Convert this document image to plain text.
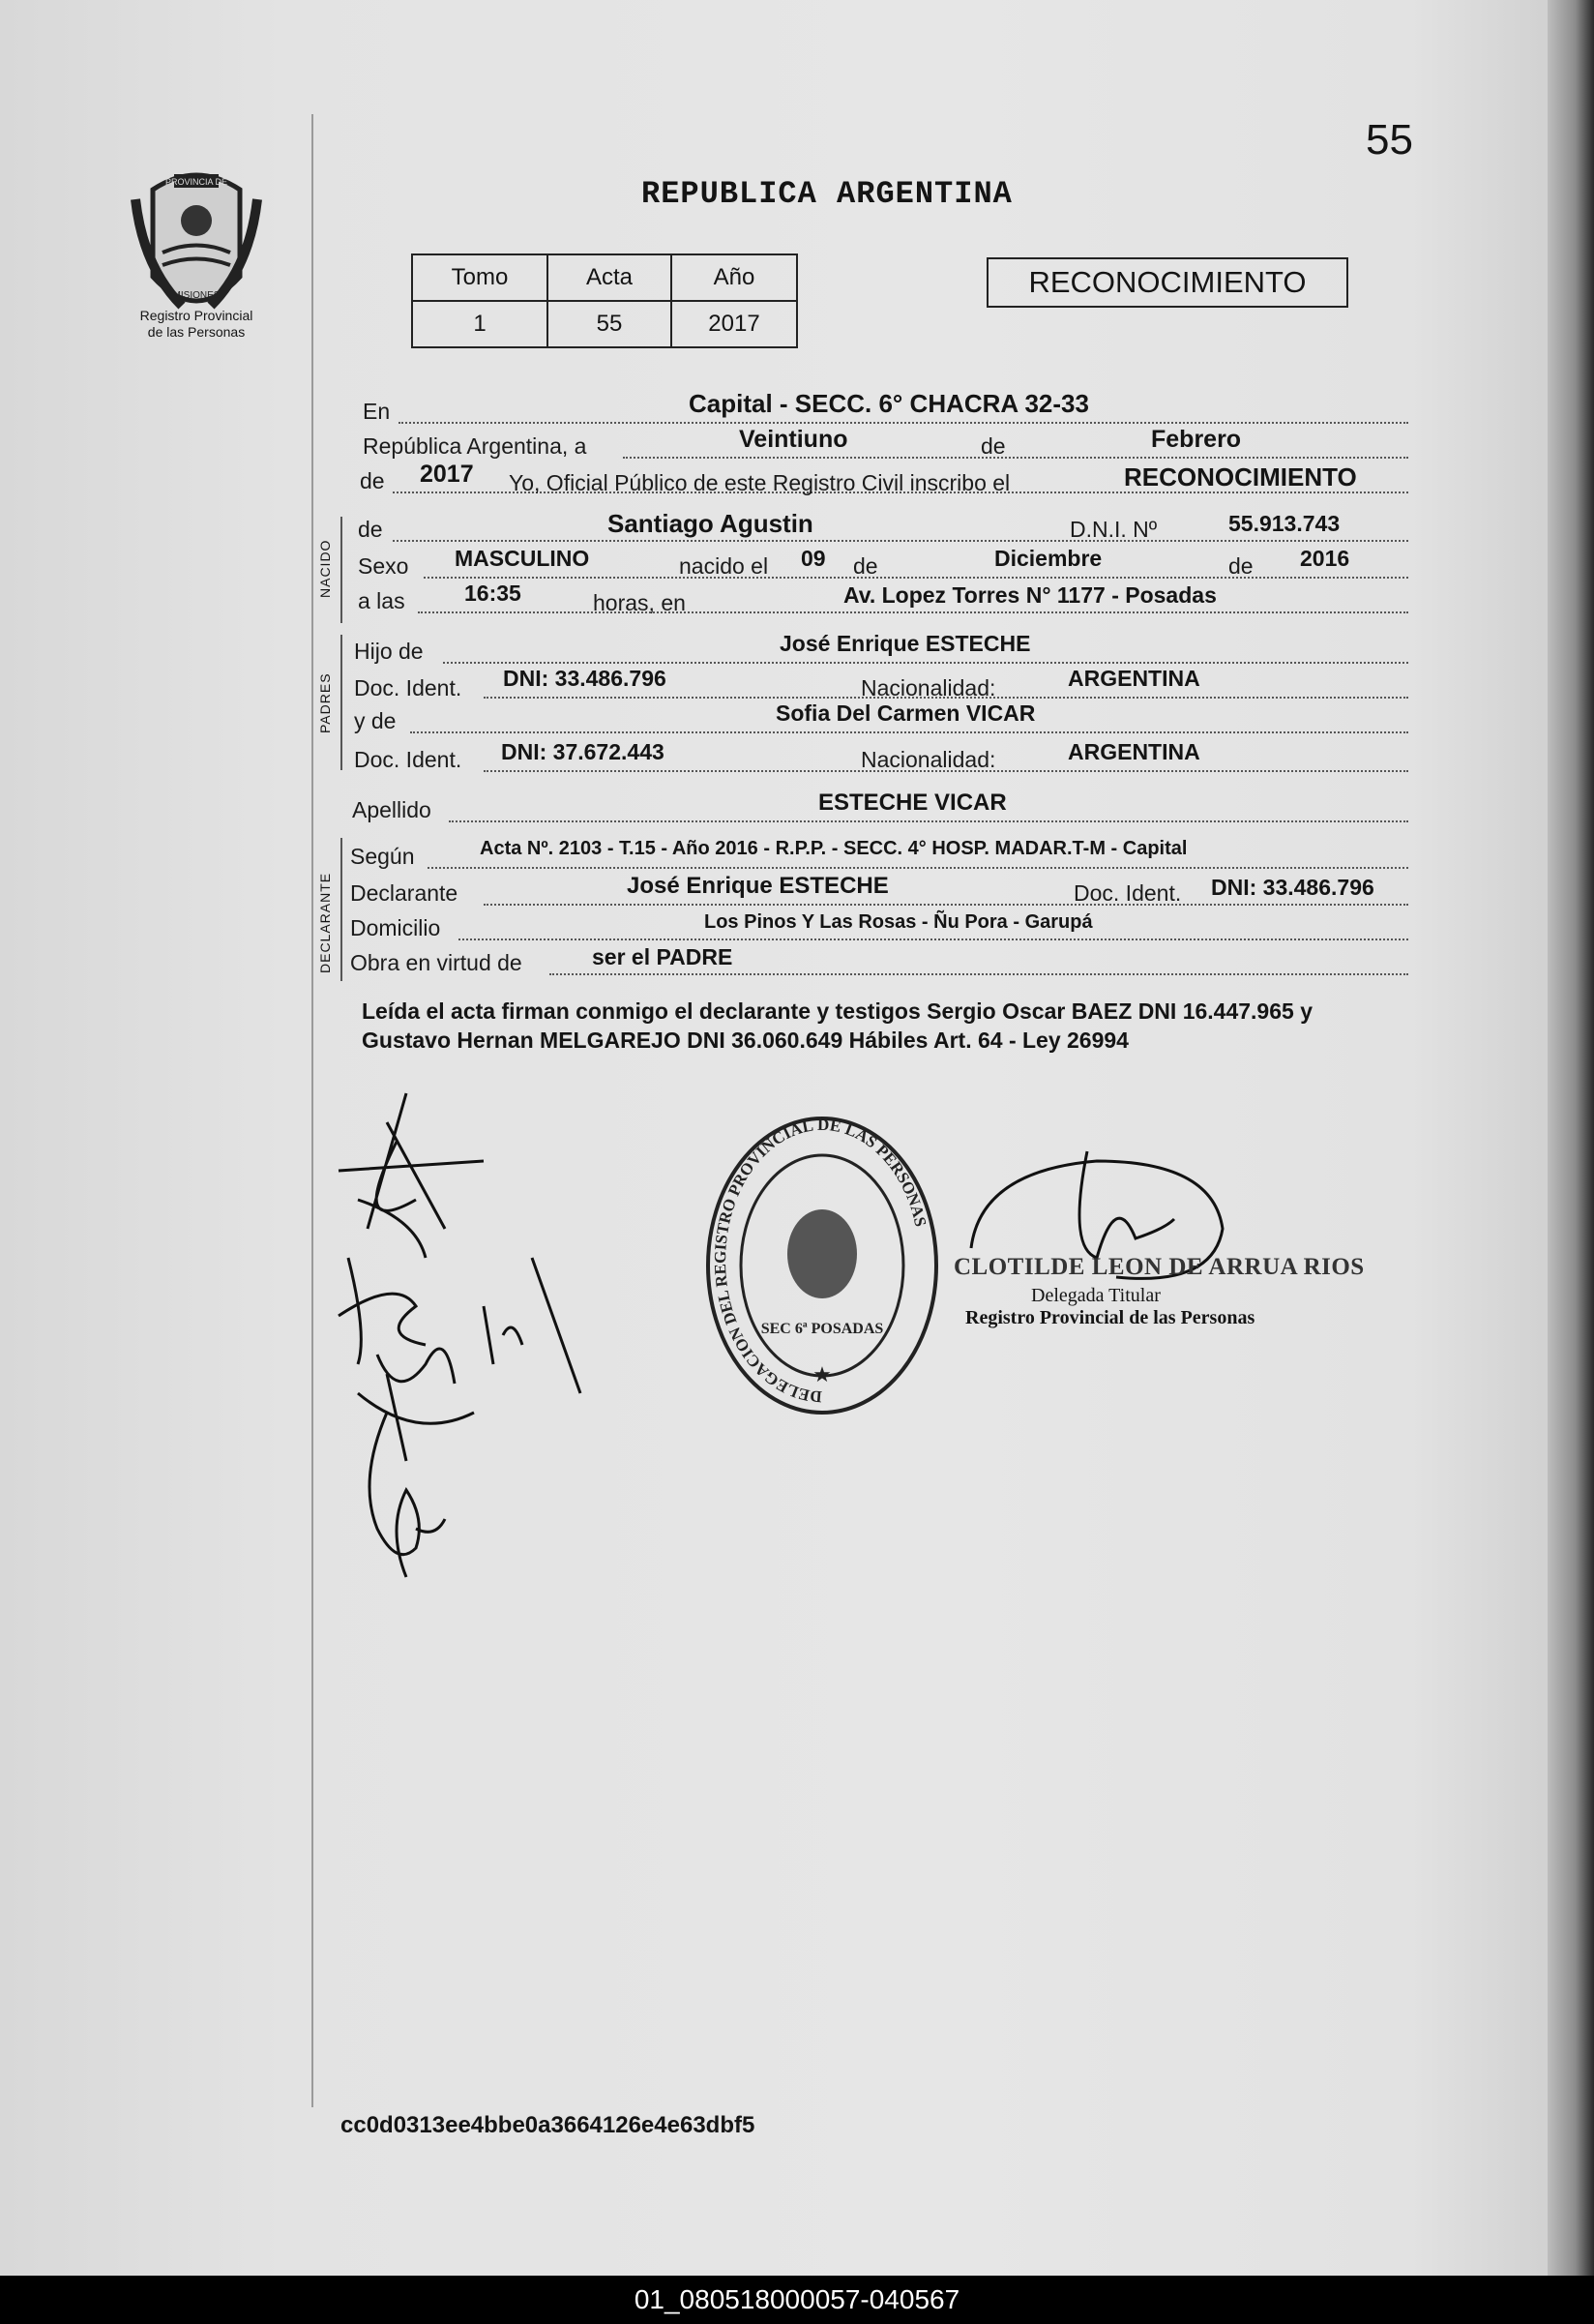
55
REPUBLICA ARGENTINA
PROVINCIA DE
MISIONES
Registro Provincial
de las Personas
Tomo	Acta	Año
1	55	2017
RECONOCIMIENTO
NACIDO
PADRES
DECLARANTE
En	Capital - SECC. 6° CHACRA 32-33
República Argentina, a	Veintiuno	de	Febrero
de 2017 Yo, Oficial Público de este Registro Civil inscribo el	RECONOCIMIENTO
de	Santiago Agustin	D.N.I. Nº	55.913.743
Sexo MASCULINO	nacido el 09 de	Diciembre	de 2016
a las	16:35	horas, en	Av. Lopez Torres N° 1177 - Posadas
Hijo de	José Enrique ESTECHE
Doc. Ident. DNI: 33.486.796	Nacionalidad:	ARGENTINA
y de	Sofia Del Carmen VICAR
Doc. Ident. DNI: 37.672.443	Nacionalidad:	ARGENTINA
Apellido	ESTECHE VICAR
Según	Acta Nº. 2103 - T.15 - Año 2016 - R.P.P. - SECC. 4° HOSP. MADAR.T-M - Capital
Declarante	José Enrique ESTECHE	Doc. Ident. DNI: 33.486.796
Domicilio	Los Pinos Y Las Rosas - Ñu Pora - Garupá
Obra en virtud de	ser el PADRE
Leída el acta firman conmigo el declarante y testigos Sergio Oscar BAEZ DNI 16.447.965 y Gustavo Hernan MELGAREJO DNI 36.060.649 Hábiles Art. 64 - Ley 26994
DELEGACION DEL REGISTRO PROVINCIAL DE LAS PERSONAS
SEC 6ª POSADAS
★
CLOTILDE LEON DE ARRUA RIOS
Delegada Titular
Registro Provincial de las Personas
cc0d0313ee4bbe0a3664126e4e63dbf5
01_080518000057-040567
